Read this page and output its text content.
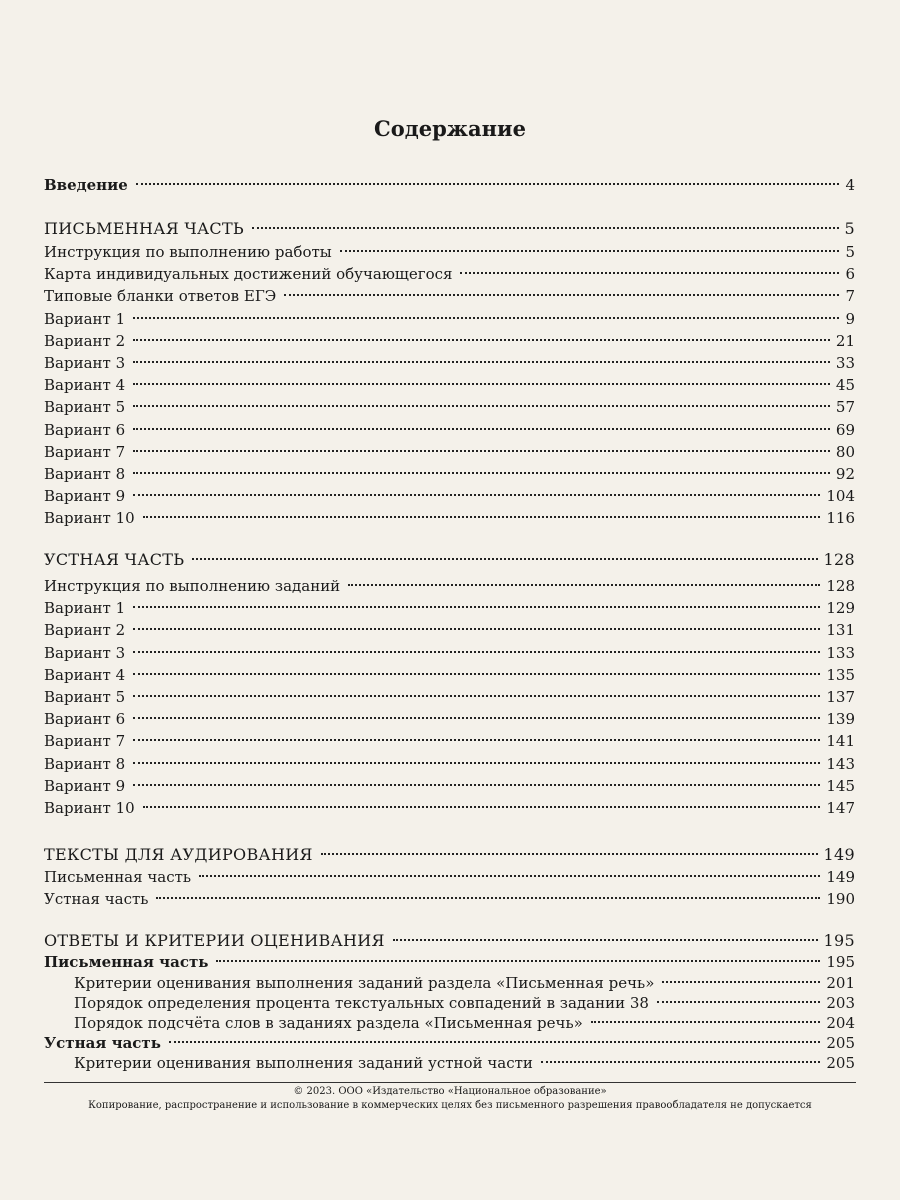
Содержание
Введение	4
ПИСЬМЕННАЯ ЧАСТЬ	5
Инструкция по выполнению работы	5
Карта индивидуальных достижений обучающегося	6
Типовые бланки ответов ЕГЭ	7
Вариант 1	9
Вариант 2	21
Вариант 3	33
Вариант 4	45
Вариант 5	57
Вариант 6	69
Вариант 7	80
Вариант 8	92
Вариант 9	104
Вариант 10	116
УСТНАЯ ЧАСТЬ	128
Инструкция по выполнению заданий	128
Вариант 1	129
Вариант 2	131
Вариант 3	133
Вариант 4	135
Вариант 5	137
Вариант 6	139
Вариант 7	141
Вариант 8	143
Вариант 9	145
Вариант 10	147
ТЕКСТЫ ДЛЯ АУДИРОВАНИЯ	149
Письменная часть	149
Устная часть	190
ОТВЕТЫ И КРИТЕРИИ ОЦЕНИВАНИЯ	195
Письменная часть	195
Критерии оценивания выполнения заданий раздела «Письменная речь»	201
Порядок определения процента текстуальных совпадений в задании 38	203
Порядок подсчёта слов в заданиях раздела «Письменная речь»	204
Устная часть	205
Критерии оценивания выполнения заданий устной части	205
© 2023. ООО «Издательство «Национальное образование»
Копирование, распространение и использование в коммерческих целях без письменного разрешения правообладателя не допускается
